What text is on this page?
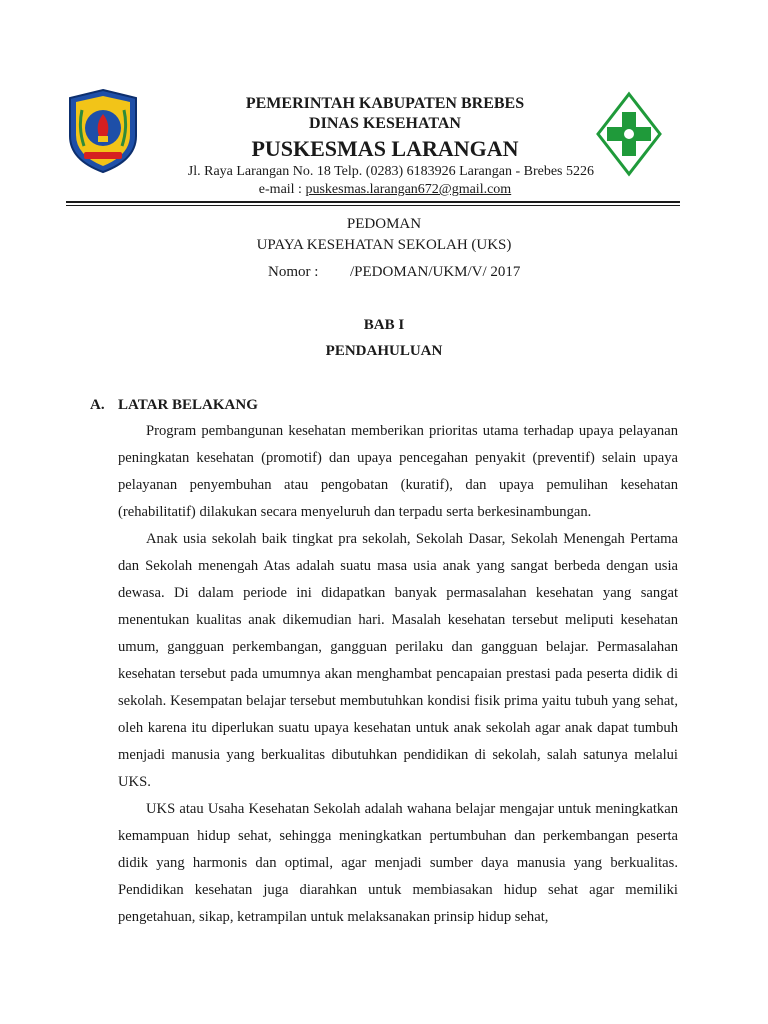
PEMERINTAH KABUPATEN BREBES
DINAS KESEHATAN
PUSKESMAS LARANGAN
Jl. Raya Larangan No. 18 Telp. (0283) 6183926 Larangan - Brebes 5226
e-mail : puskesmas.larangan672@gmail.com
PEDOMAN
UPAYA KESEHATAN SEKOLAH (UKS)
Nomor : /PEDOMAN/UKM/V/ 2017
BAB I
PENDAHULUAN
A. LATAR BELAKANG

Program pembangunan kesehatan memberikan prioritas utama terhadap upaya pelayanan peningkatan kesehatan (promotif) dan upaya pencegahan penyakit (preventif) selain upaya pelayanan penyembuhan atau pengobatan (kuratif), dan upaya pemulihan kesehatan (rehabilitatif) dilakukan secara menyeluruh dan terpadu serta berkesinambungan.

Anak usia sekolah baik tingkat pra sekolah, Sekolah Dasar, Sekolah Menengah Pertama dan Sekolah menengah Atas adalah suatu masa usia anak yang sangat berbeda dengan usia dewasa. Di dalam periode ini didapatkan banyak permasalahan kesehatan yang sangat menentukan kualitas anak dikemudian hari. Masalah kesehatan tersebut meliputi kesehatan umum, gangguan perkembangan, gangguan perilaku dan gangguan belajar. Permasalahan kesehatan tersebut pada umumnya akan menghambat pencapaian prestasi pada peserta didik di sekolah. Kesempatan belajar tersebut membutuhkan kondisi fisik prima yaitu tubuh yang sehat, oleh karena itu diperlukan suatu upaya kesehatan untuk anak sekolah agar anak dapat tumbuh menjadi manusia yang berkualitas dibutuhkan pendidikan di sekolah, salah satunya melalui UKS.

UKS atau Usaha Kesehatan Sekolah adalah wahana belajar mengajar untuk meningkatkan kemampuan hidup sehat, sehingga meningkatkan pertumbuhan dan perkembangan peserta didik yang harmonis dan optimal, agar menjadi sumber daya manusia yang berkualitas. Pendidikan kesehatan juga diarahkan untuk membiasakan hidup sehat agar memiliki pengetahuan, sikap, ketrampilan untuk melaksanakan prinsip hidup sehat,
